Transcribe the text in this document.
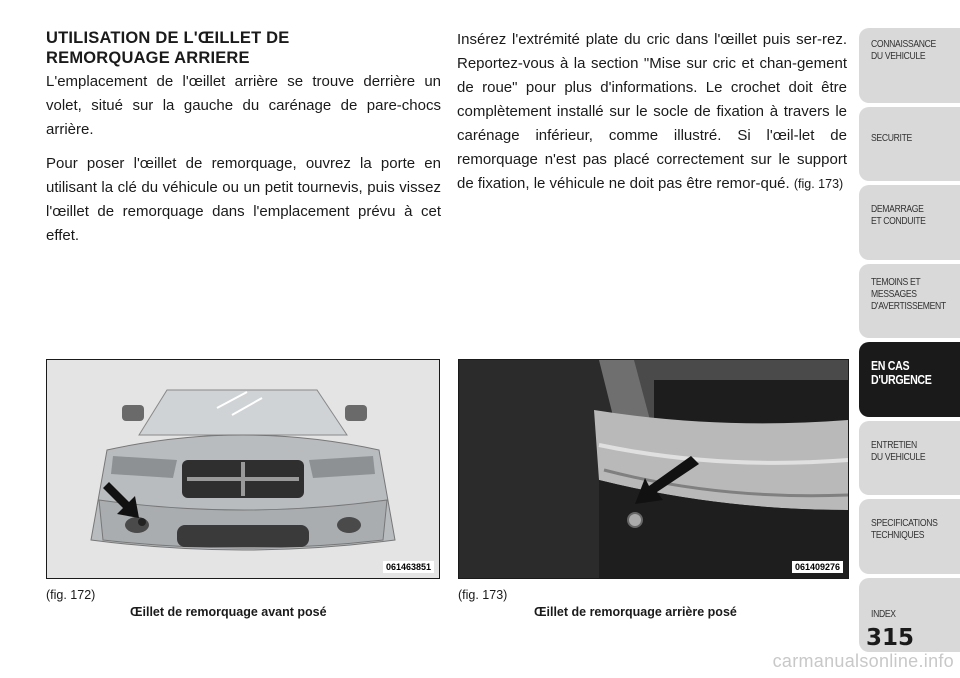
UTILISATION DE L'ŒILLET DE
REMORQUAGE ARRIERE

L'emplacement de l'œillet arrière se trouve derrière un volet, situé sur la gauche du carénage de pare-chocs arrière.

Pour poser l'œillet de remorquage, ouvrez la porte en utilisant la clé du véhicule ou un petit tournevis, puis vissez l'œillet de remorquage dans l'emplacement prévu à cet effet.

Insérez l'extrémité plate du cric dans l'œillet puis ser-rez. Reportez-vous à la section "Mise sur cric et chan-gement de roue" pour plus d'informations. Le crochet doit être complètement installé sur le socle de fixation à travers le carénage inférieur, comme illustré. Si l'œil-let de remorquage n'est pas placé correctement sur le support de fixation, le véhicule ne doit pas être remor-qué. (fig. 173)

061463851	061409276
(fig. 172)
Œillet de remorquage avant posé
(fig. 173)
Œillet de remorquage arrière posé
CONNAISSANCE
DU VEHICULE
SECURITE
DEMARRAGE
ET CONDUITE
TEMOINS ET
MESSAGES
D'AVERTISSEMENT
EN CAS
D'URGENCE
ENTRETIEN
DU VEHICULE
SPECIFICATIONS
TECHNIQUES
INDEX
315
carmanualsonline.info
